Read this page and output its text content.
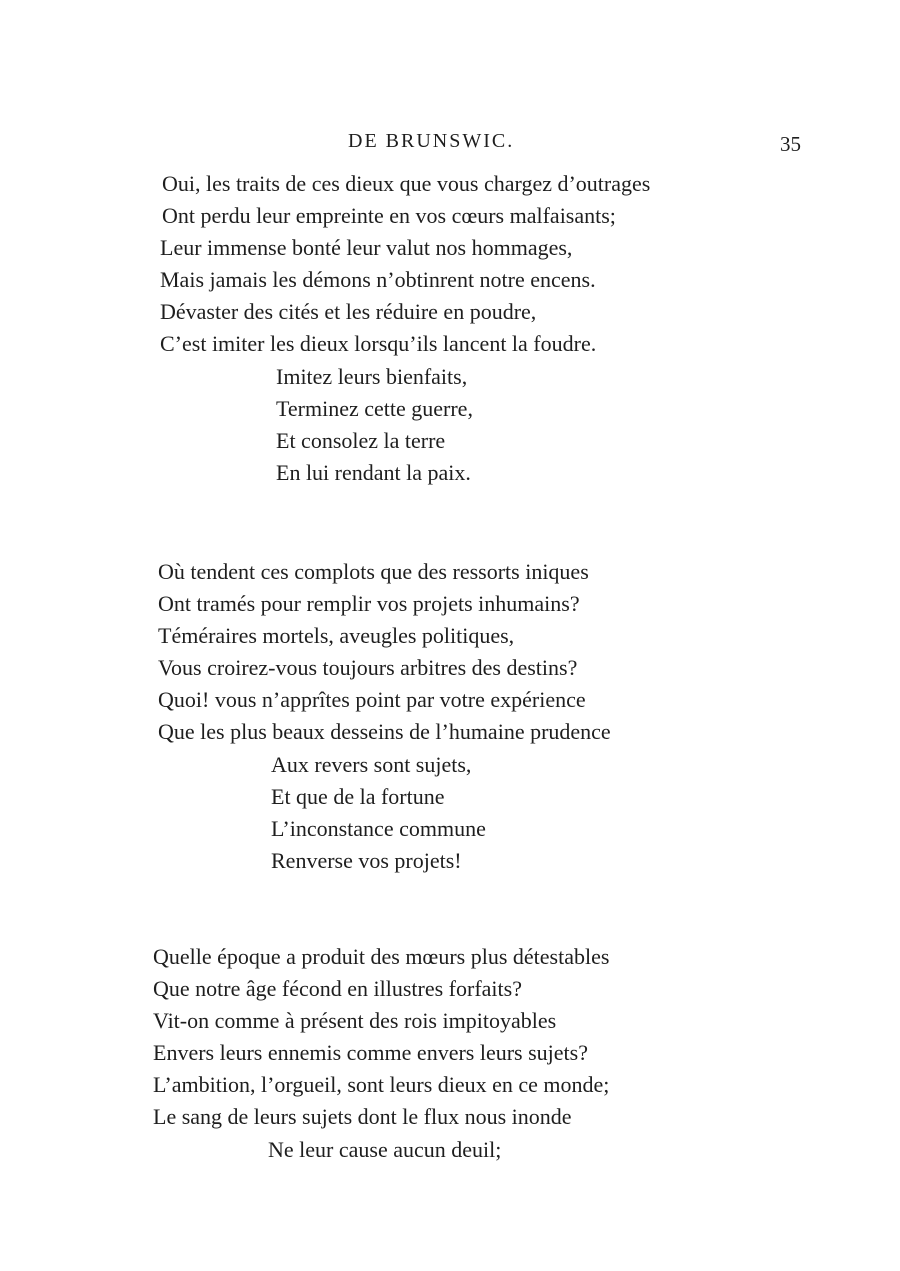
DE BRUNSWIC.	35
Oui, les traits de ces dieux que vous chargez d’outrages
Ont perdu leur empreinte en vos cœurs malfaisants;
Leur immense bonté leur valut nos hommages,
Mais jamais les démons n’obtinrent notre encens.
Dévaster des cités et les réduire en poudre,
C’est imiter les dieux lorsqu’ils lancent la foudre.
Imitez leurs bienfaits,
Terminez cette guerre,
Et consolez la terre
En lui rendant la paix.
Où tendent ces complots que des ressorts iniques
Ont tramés pour remplir vos projets inhumains?
Téméraires mortels, aveugles politiques,
Vous croirez-vous toujours arbitres des destins?
Quoi! vous n’apprîtes point par votre expérience
Que les plus beaux desseins de l’humaine prudence
Aux revers sont sujets,
Et que de la fortune
L’inconstance commune
Renverse vos projets!
Quelle époque a produit des mœurs plus détestables
Que notre âge fécond en illustres forfaits?
Vit-on comme à présent des rois impitoyables
Envers leurs ennemis comme envers leurs sujets?
L’ambition, l’orgueil, sont leurs dieux en ce monde;
Le sang de leurs sujets dont le flux nous inonde
Ne leur cause aucun deuil;
